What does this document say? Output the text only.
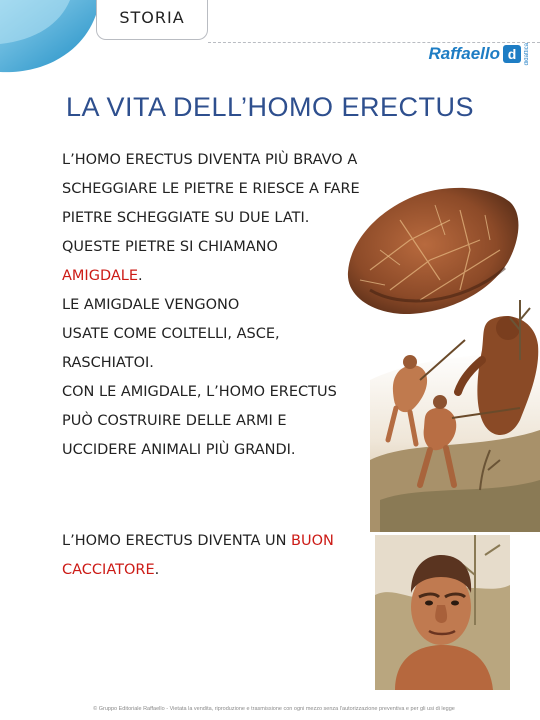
STORIA
Raffaello d	didattica
LA VITA DELL’HOMO ERECTUS
L’HOMO ERECTUS DIVENTA PIÙ BRAVO A
SCHEGGIARE LE PIETRE E RIESCE A FARE
PIETRE SCHEGGIATE SU DUE LATI.
QUESTE PIETRE SI CHIAMANO
AMIGDALE.
LE AMIGDALE VENGONO
USATE COME COLTELLI, ASCE,
RASCHIATOI.
CON LE AMIGDALE, L’HOMO ERECTUS
PUÒ COSTRUIRE DELLE ARMI E
UCCIDERE ANIMALI PIÙ GRANDI.
L’HOMO ERECTUS DIVENTA UN BUON
CACCIATORE.
© Gruppo Editoriale Raffaello - Vietata la vendita, riproduzione e trasmissione con ogni mezzo senza l'autorizzazione preventiva e per gli usi di legge
